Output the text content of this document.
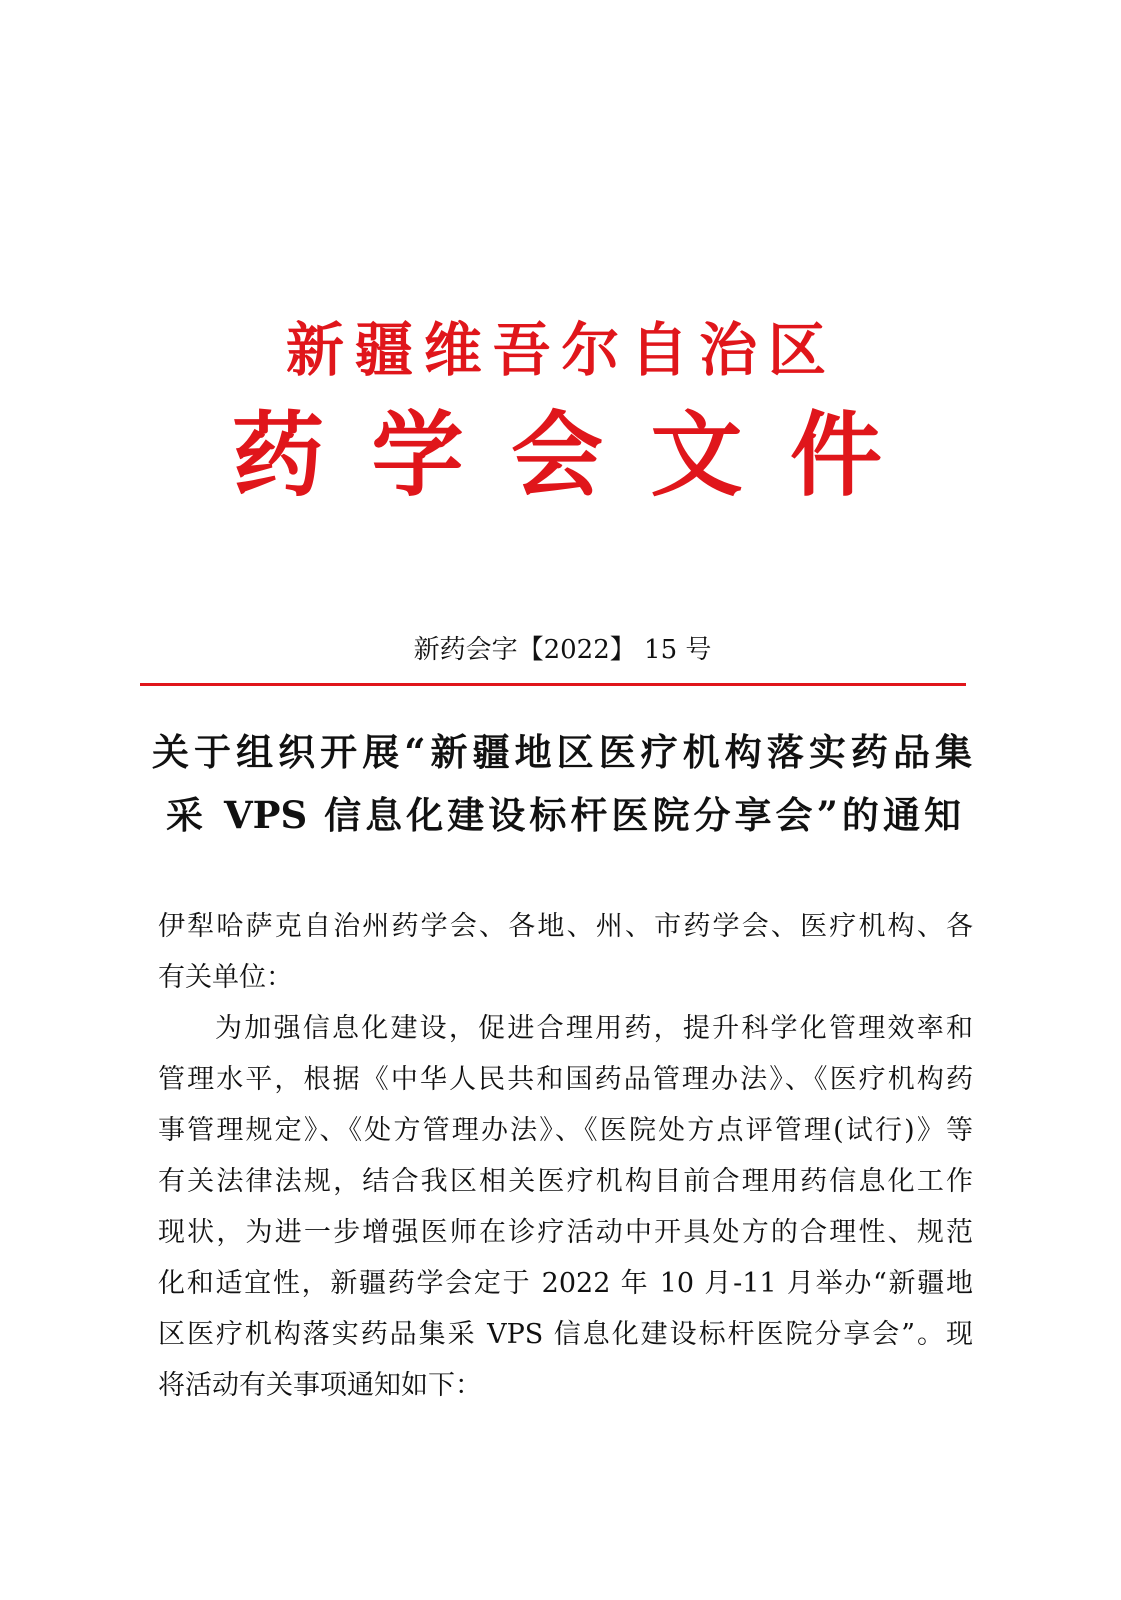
新疆维吾尔自治区
药学会文件
新药会字【2022】 15 号
关于组织开展“新疆地区医疗机构落实药品集
采 VPS 信息化建设标杆医院分享会”的通知
伊犁哈萨克自治州药学会、各地、州、市药学会、医疗机构、各
有关单位：
为加强信息化建设，促进合理用药，提升科学化管理效率和
管理水平，根据《中华人民共和国药品管理办法》、《医疗机构药
事管理规定》、《处方管理办法》、《医院处方点评管理(试行)》等
有关法律法规，结合我区相关医疗机构目前合理用药信息化工作
现状，为进一步增强医师在诊疗活动中开具处方的合理性、规范
化和适宜性，新疆药学会定于 2022 年 10 月-11 月举办“新疆地
区医疗机构落实药品集采 VPS 信息化建设标杆医院分享会”。现
将活动有关事项通知如下：
